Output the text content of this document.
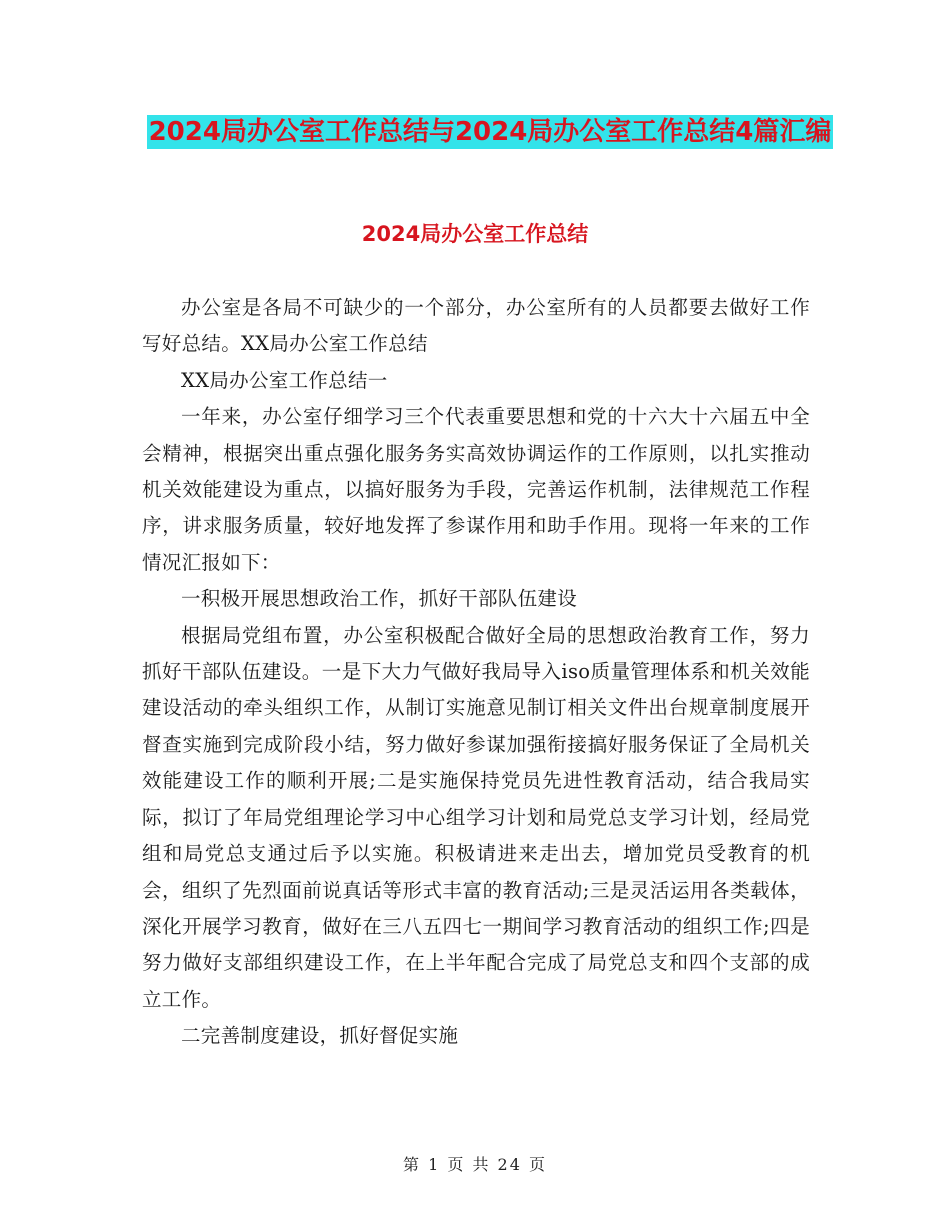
2024局办公室工作总结与2024局办公室工作总结4篇汇编
2024局办公室工作总结

办公室是各局不可缺少的一个部分，办公室所有的人员都要去做好工作写好总结。XX局办公室工作总结

XX局办公室工作总结一

一年来，办公室仔细学习三个代表重要思想和党的十六大十六届五中全会精神，根据突出重点强化服务务实高效协调运作的工作原则，以扎实推动机关效能建设为重点，以搞好服务为手段，完善运作机制，法律规范工作程序，讲求服务质量，较好地发挥了参谋作用和助手作用。现将一年来的工作情况汇报如下：

一积极开展思想政治工作，抓好干部队伍建设

根据局党组布置，办公室积极配合做好全局的思想政治教育工作，努力抓好干部队伍建设。一是下大力气做好我局导入iso质量管理体系和机关效能建设活动的牵头组织工作，从制订实施意见制订相关文件出台规章制度展开督查实施到完成阶段小结，努力做好参谋加强衔接搞好服务保证了全局机关效能建设工作的顺利开展;二是实施保持党员先进性教育活动，结合我局实际，拟订了年局党组理论学习中心组学习计划和局党总支学习计划，经局党组和局党总支通过后予以实施。积极请进来走出去，增加党员受教育的机会，组织了先烈面前说真话等形式丰富的教育活动;三是灵活运用各类载体，深化开展学习教育，做好在三八五四七一期间学习教育活动的组织工作;四是努力做好支部组织建设工作，在上半年配合完成了局党总支和四个支部的成立工作。

二完善制度建设，抓好督促实施

第 1 页 共 24 页
